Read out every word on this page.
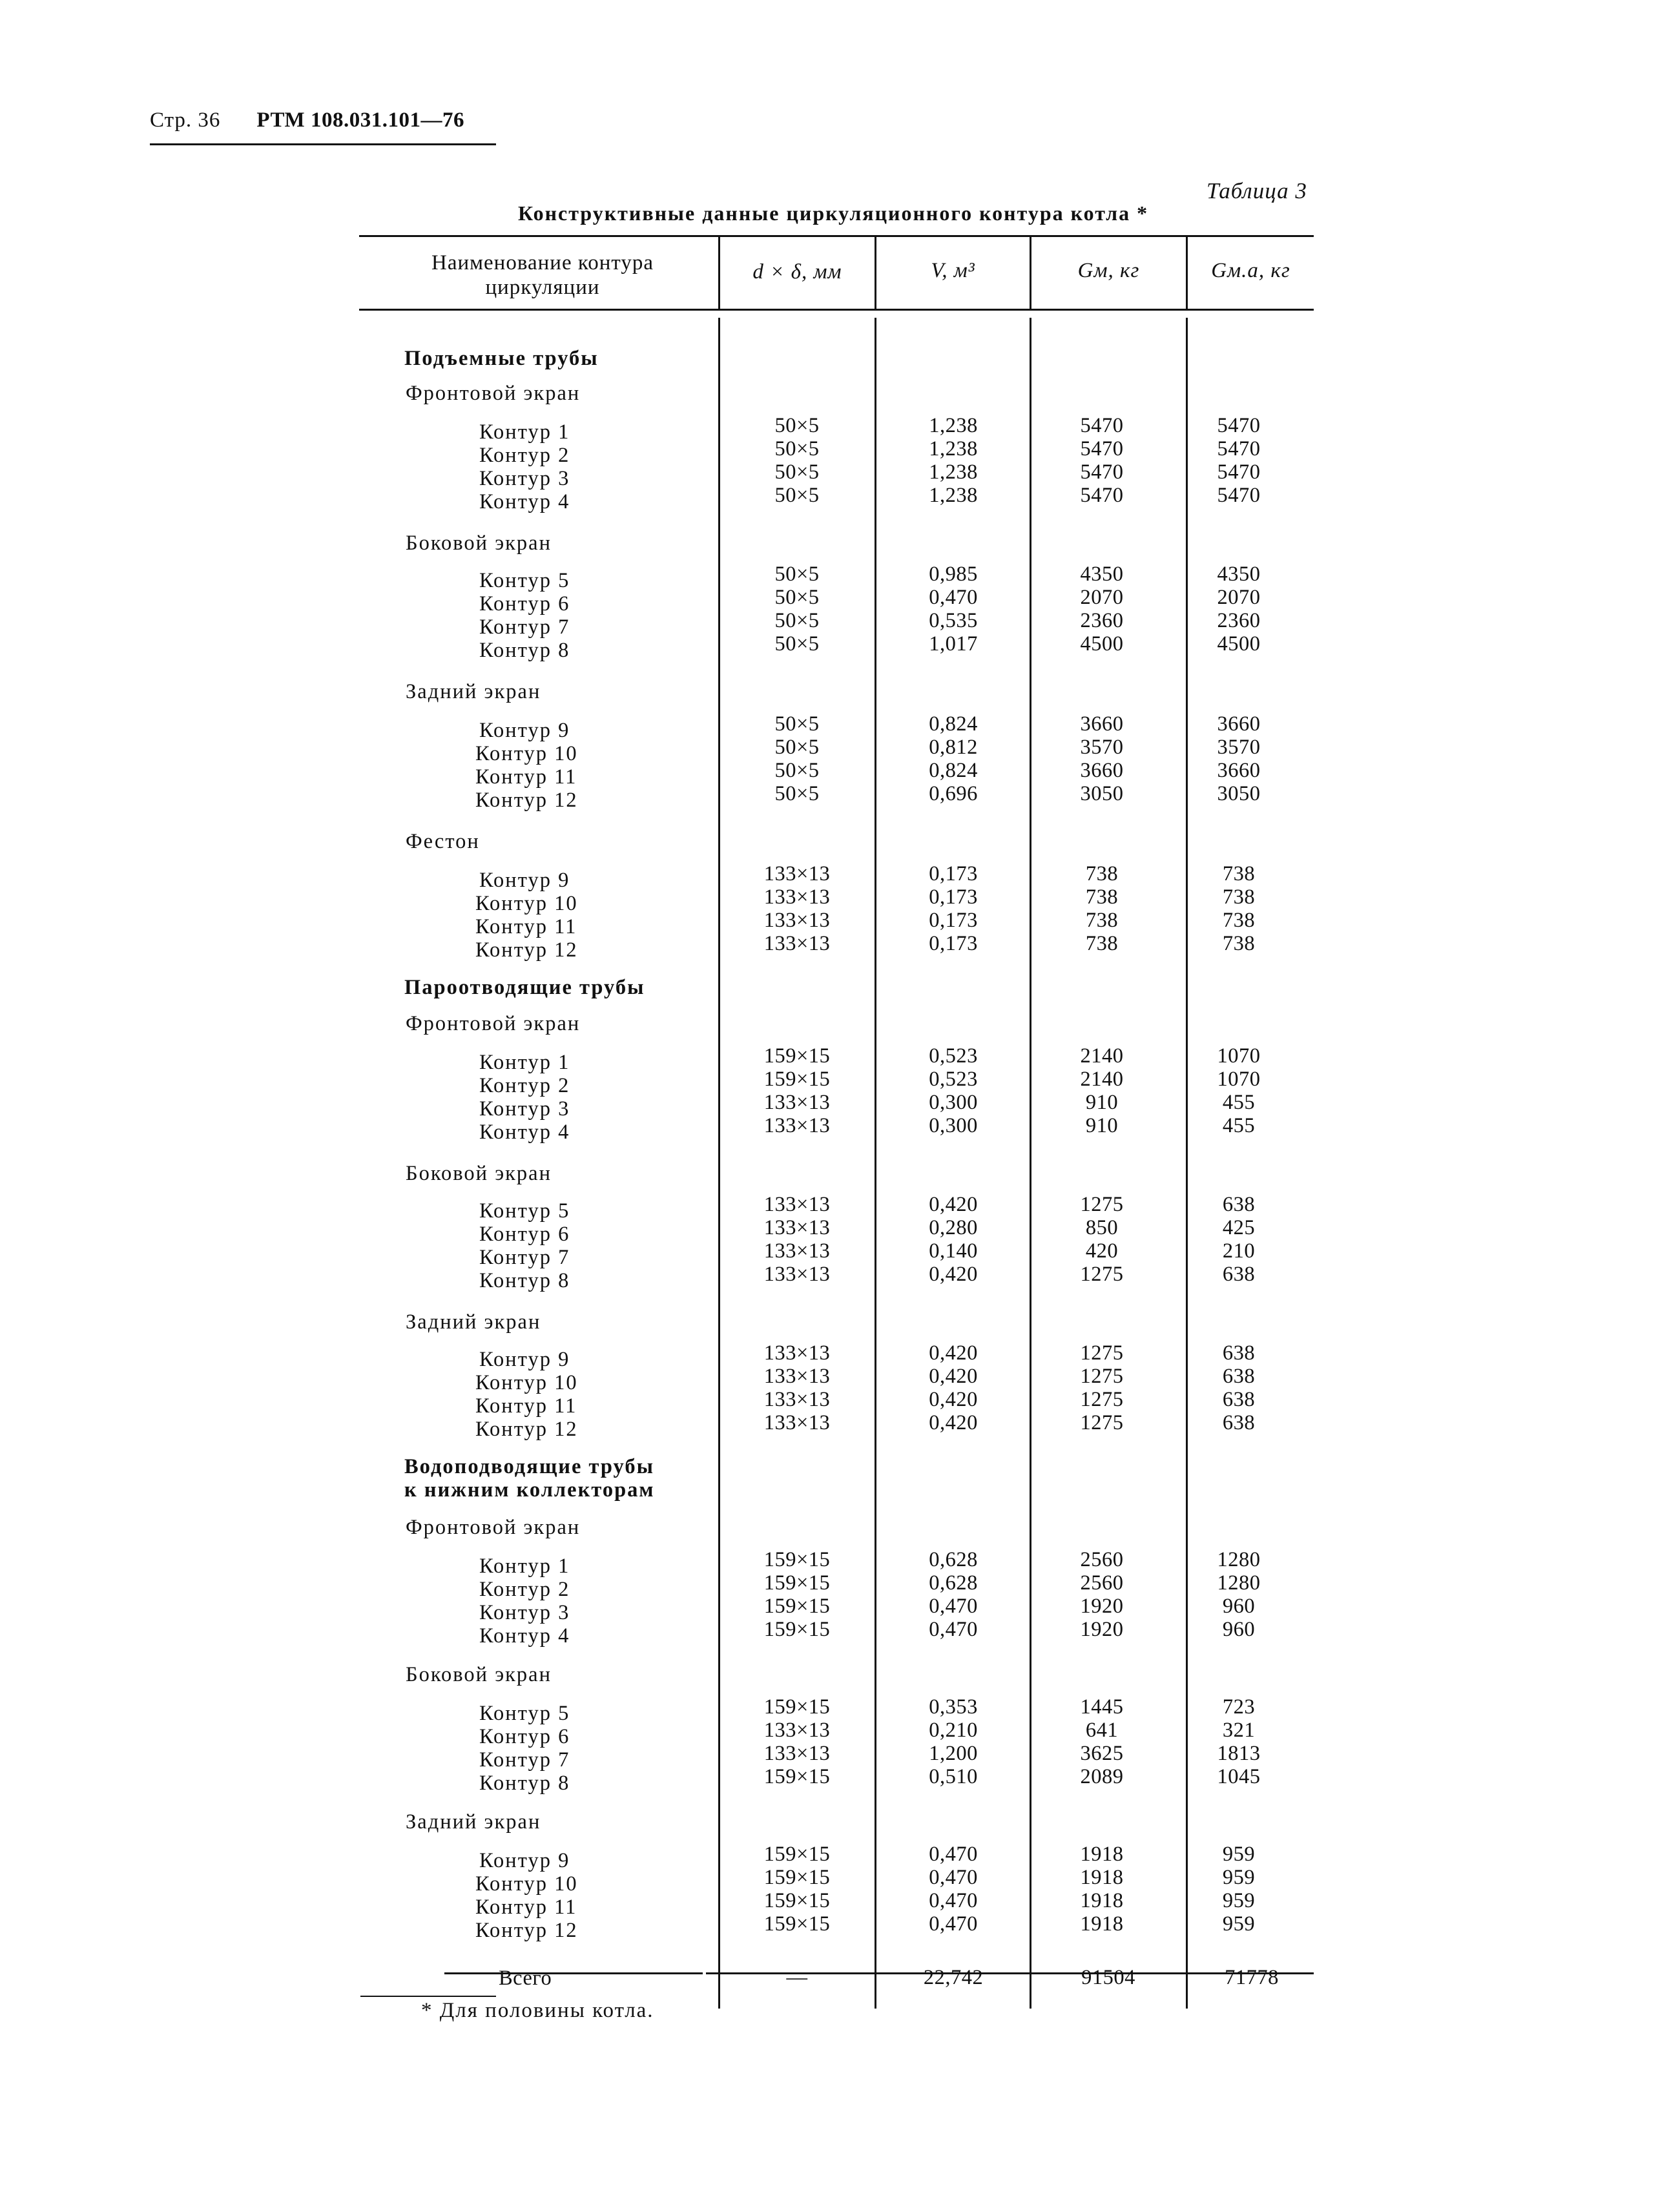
Стр. 36 РТМ 108.031.101—76
Таблица 3
Конструктивные данные циркуляционного контура котла *
Наименование контура циркуляции
d × δ, мм	V, м³	Gм, кг	Gм.а, кг
Подъемные трубы
Фронтовой экран
Контур 1	50×5	1,238	5470	5470
Контур 2	50×5	1,238	5470	5470
Контур 3	50×5	1,238	5470	5470
Контур 4	50×5	1,238	5470	5470
Боковой экран
Контур 5	50×5	0,985	4350	4350
Контур 6	50×5	0,470	2070	2070
Контур 7	50×5	0,535	2360	2360
Контур 8	50×5	1,017	4500	4500
Задний экран
Контур 9	50×5	0,824	3660	3660
Контур 10	50×5	0,812	3570	3570
Контур 11	50×5	0,824	3660	3660
Контур 12	50×5	0,696	3050	3050
Фестон
Контур 9	133×13	0,173	738	738
Контур 10	133×13	0,173	738	738
Контур 11	133×13	0,173	738	738
Контур 12	133×13	0,173	738	738
Пароотводящие трубы
Фронтовой экран
Контур 1	159×15	0,523	2140	1070
Контур 2	159×15	0,523	2140	1070
Контур 3	133×13	0,300	910	455
Контур 4	133×13	0,300	910	455
Боковой экран
Контур 5	133×13	0,420	1275	638
Контур 6	133×13	0,280	850	425
Контур 7	133×13	0,140	420	210
Контур 8	133×13	0,420	1275	638
Задний экран
Контур 9	133×13	0,420	1275	638
Контур 10	133×13	0,420	1275	638
Контур 11	133×13	0,420	1275	638
Контур 12	133×13	0,420	1275	638
Водоподводящие трубы
к нижним коллекторам
Фронтовой экран
Контур 1	159×15	0,628	2560	1280
Контур 2	159×15	0,628	2560	1280
Контур 3	159×15	0,470	1920	960
Контур 4	159×15	0,470	1920	960
Боковой экран
Контур 5	159×15	0,353	1445	723
Контур 6	133×13	0,210	641	321
Контур 7	133×13	1,200	3625	1813
Контур 8	159×15	0,510	2089	1045
Задний экран
Контур 9	159×15	0,470	1918	959
Контур 10	159×15	0,470	1918	959
Контур 11	159×15	0,470	1918	959
Контур 12	159×15	0,470	1918	959
Всего	—	22,742	91504	71778
* Для половины котла.
